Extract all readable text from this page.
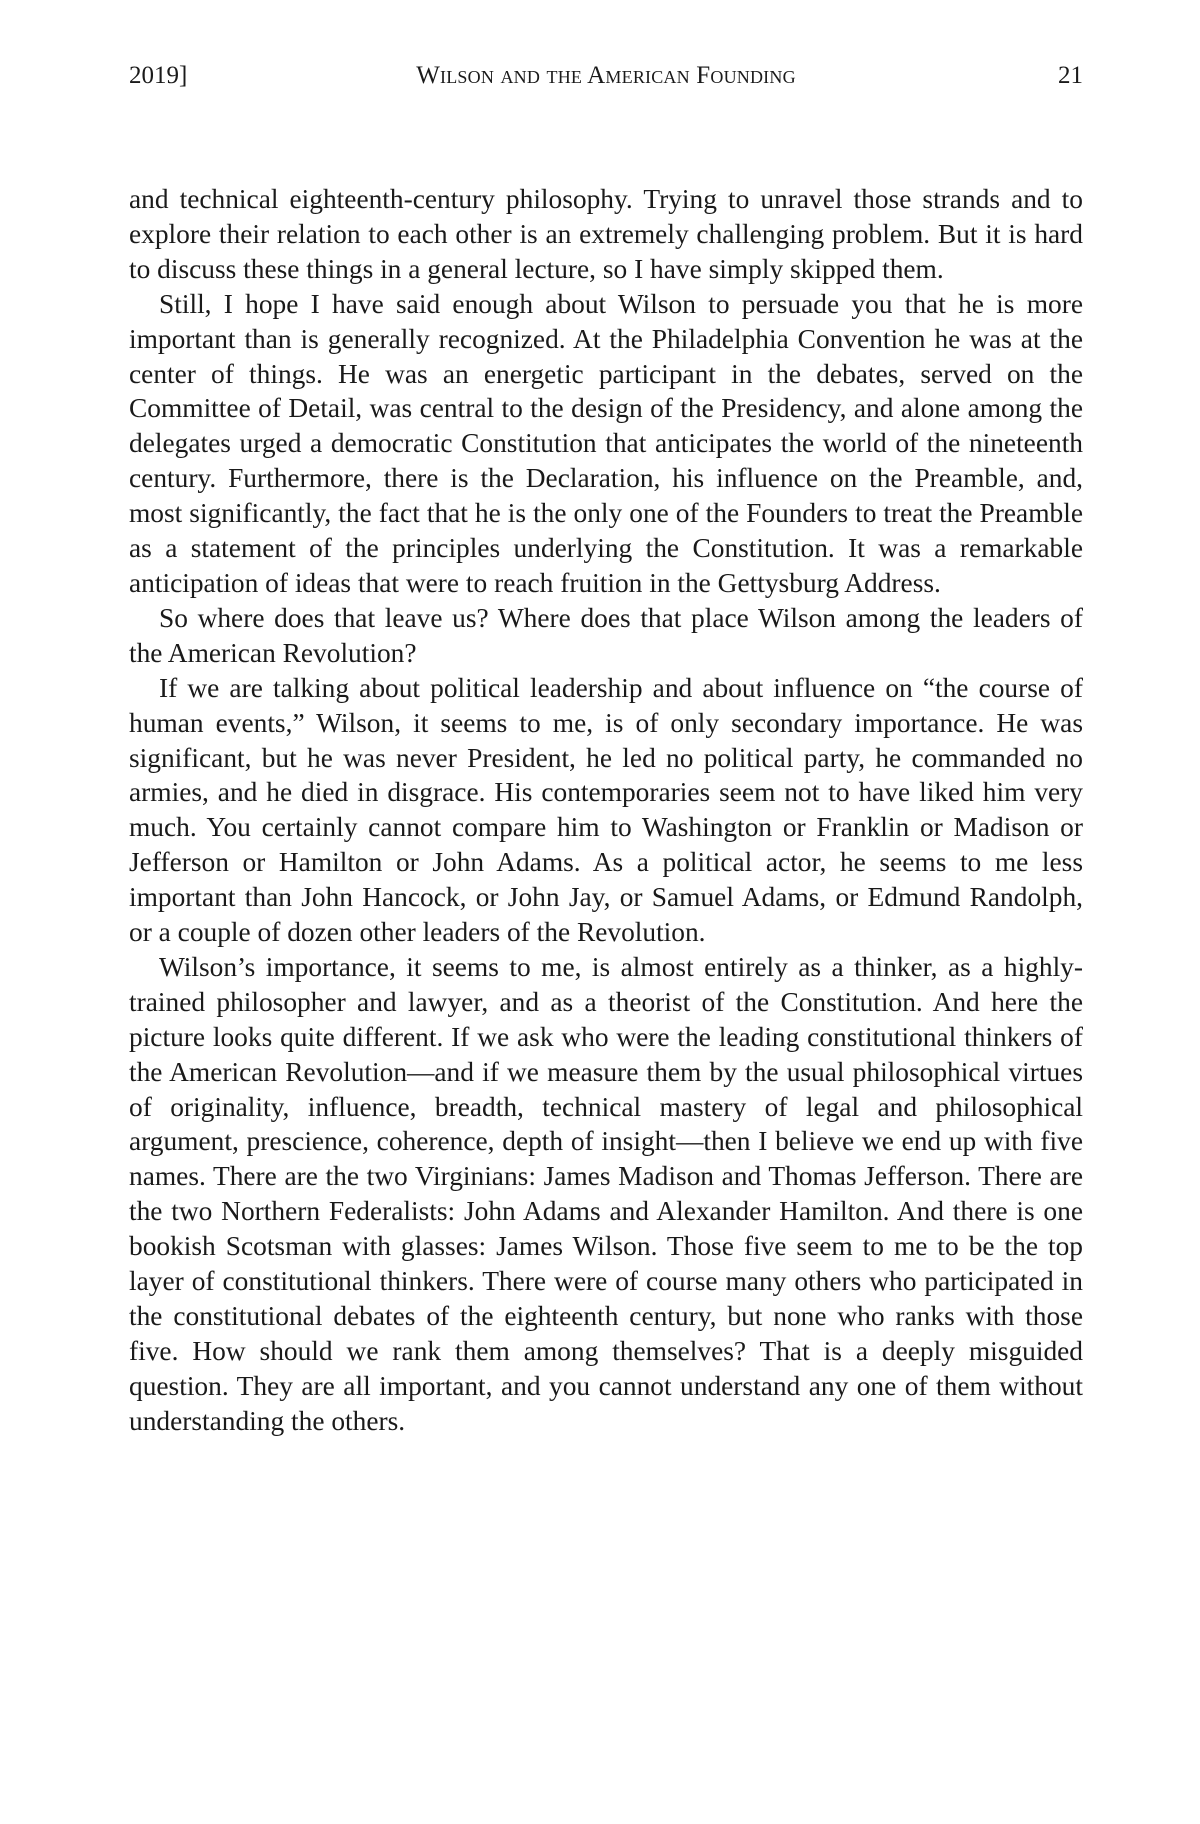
2019]	Wilson and the American Founding	21

and technical eighteenth-century philosophy. Trying to unravel those strands and to explore their relation to each other is an extremely challenging problem. But it is hard to discuss these things in a general lecture, so I have simply skipped them.

Still, I hope I have said enough about Wilson to persuade you that he is more important than is generally recognized. At the Philadelphia Convention he was at the center of things. He was an energetic participant in the debates, served on the Committee of Detail, was central to the design of the Presidency, and alone among the delegates urged a democratic Constitution that anticipates the world of the nineteenth century. Furthermore, there is the Declaration, his influence on the Preamble, and, most significantly, the fact that he is the only one of the Founders to treat the Preamble as a statement of the principles underlying the Constitution. It was a remarkable anticipation of ideas that were to reach fruition in the Gettysburg Address.

So where does that leave us? Where does that place Wilson among the leaders of the American Revolution?

If we are talking about political leadership and about influence on “the course of human events,” Wilson, it seems to me, is of only secondary importance. He was significant, but he was never President, he led no political party, he commanded no armies, and he died in disgrace. His contemporaries seem not to have liked him very much. You certainly cannot compare him to Washington or Franklin or Madison or Jefferson or Hamilton or John Adams. As a political actor, he seems to me less important than John Hancock, or John Jay, or Samuel Adams, or Edmund Randolph, or a couple of dozen other leaders of the Revolution.

Wilson’s importance, it seems to me, is almost entirely as a thinker, as a highly-trained philosopher and lawyer, and as a theorist of the Constitution. And here the picture looks quite different. If we ask who were the leading constitutional thinkers of the American Revolution—and if we measure them by the usual philosophical virtues of originality, influence, breadth, technical mastery of legal and philosophical argument, prescience, coherence, depth of insight—then I believe we end up with five names. There are the two Virginians: James Madison and Thomas Jefferson. There are the two Northern Federalists: John Adams and Alexander Hamilton. And there is one bookish Scotsman with glasses: James Wilson. Those five seem to me to be the top layer of constitutional thinkers. There were of course many others who participated in the constitutional debates of the eighteenth century, but none who ranks with those five. How should we rank them among themselves? That is a deeply misguided question. They are all important, and you cannot understand any one of them without understanding the others.
